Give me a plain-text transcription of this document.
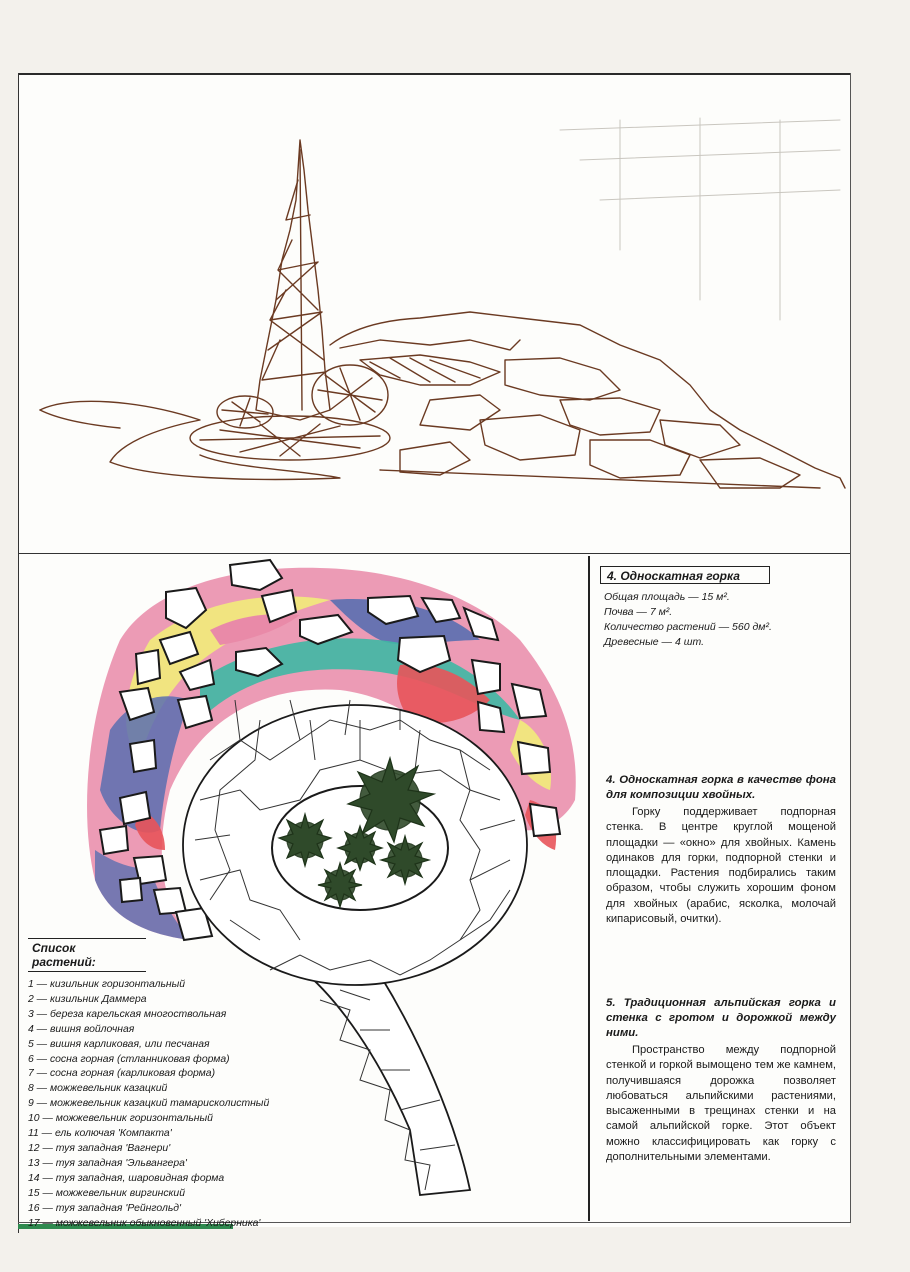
4. Односкатная горка
Общая площадь — 15 м².
Почва — 7 м².
Количество растений — 560 дм².
Древесные — 4 шт.
4. Односкатная горка в качестве фона для композиции хвойных.

Горку поддерживает подпорная стенка. В центре круглой мощеной площадки — «окно» для хвойных. Камень одинаков для горки, подпорной стенки и площадки. Растения подбирались таким образом, чтобы служить хорошим фоном для хвойных (арабис, ясколка, молочай кипарисовый, очитки).

5. Традиционная альпийская горка и стенка с гротом и дорожкой между ними.

Пространство между подпорной стенкой и горкой вымощено тем же камнем, получившаяся дорожка позволяет любоваться альпийскими растениями, высаженными в трещинах стенки и на самой альпийской горке. Этот объект можно классифицировать как горку с дополнительными элементами.

Список растений:
1 — кизильник горизонтальный
2 — кизильник Даммера
3 — береза карельская многоствольная
4 — вишня войлочная
5 — вишня карликовая, или песчаная
6 — сосна горная (стланниковая форма)
7 — сосна горная (карликовая форма)
8 — можжевельник казацкий
9 — можжевельник казацкий тамарисколистный
10 — можжевельник горизонтальный
11 — ель колючая 'Компакта'
12 — туя западная 'Вагнери'
13 — туя западная 'Эльвангера'
14 — туя западная, шаровидная форма
15 — можжевельник виргинский
16 — туя западная 'Рейнгольд'
17 — можжевельник обыкновенный 'Хиберника'
